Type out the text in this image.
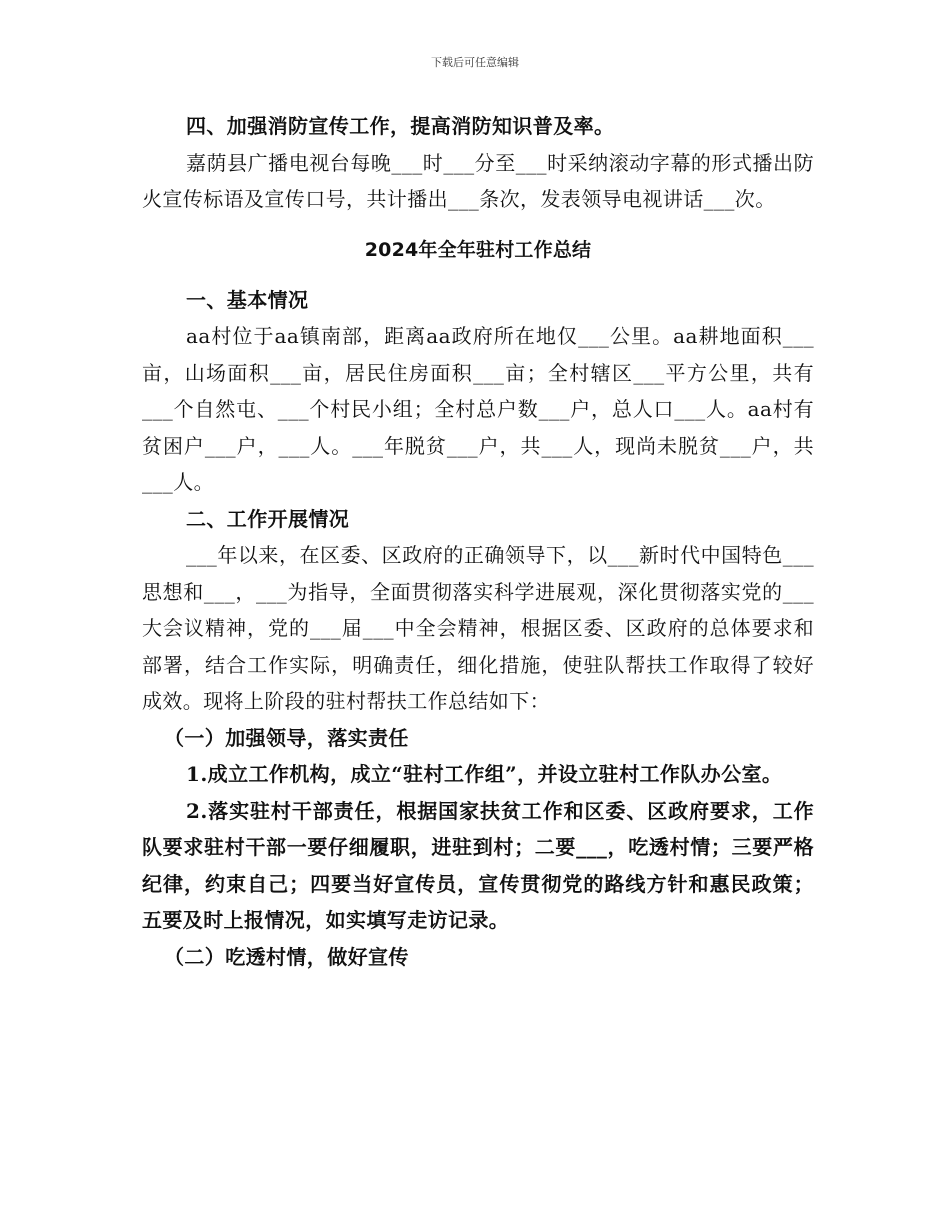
下载后可任意编辑

四、加强消防宣传工作，提高消防知识普及率。

嘉荫县广播电视台每晚___时___分至___时采纳滚动字幕的形式播出防火宣传标语及宣传口号，共计播出___条次，发表领导电视讲话___次。

2024年全年驻村工作总结

一、基本情况

aa村位于aa镇南部，距离aa政府所在地仅___公里。aa耕地面积___亩，山场面积___亩，居民住房面积___亩；全村辖区___平方公里，共有___个自然屯、___个村民小组；全村总户数___户，总人口___人。aa村有贫困户___户，___人。___年脱贫___户，共___人，现尚未脱贫___户，共___人。

二、工作开展情况

___年以来，在区委、区政府的正确领导下，以___新时代中国特色___思想和___，___为指导，全面贯彻落实科学进展观，深化贯彻落实党的___大会议精神，党的___届___中全会精神，根据区委、区政府的总体要求和部署，结合工作实际，明确责任，细化措施，使驻队帮扶工作取得了较好成效。现将上阶段的驻村帮扶工作总结如下：

（一）加强领导，落实责任

1.成立工作机构，成立“驻村工作组”，并设立驻村工作队办公室。

2.落实驻村干部责任，根据国家扶贫工作和区委、区政府要求，工作队要求驻村干部一要仔细履职，进驻到村；二要___，吃透村情；三要严格纪律，约束自己；四要当好宣传员，宣传贯彻党的路线方针和惠民政策；五要及时上报情况，如实填写走访记录。

（二）吃透村情，做好宣传
